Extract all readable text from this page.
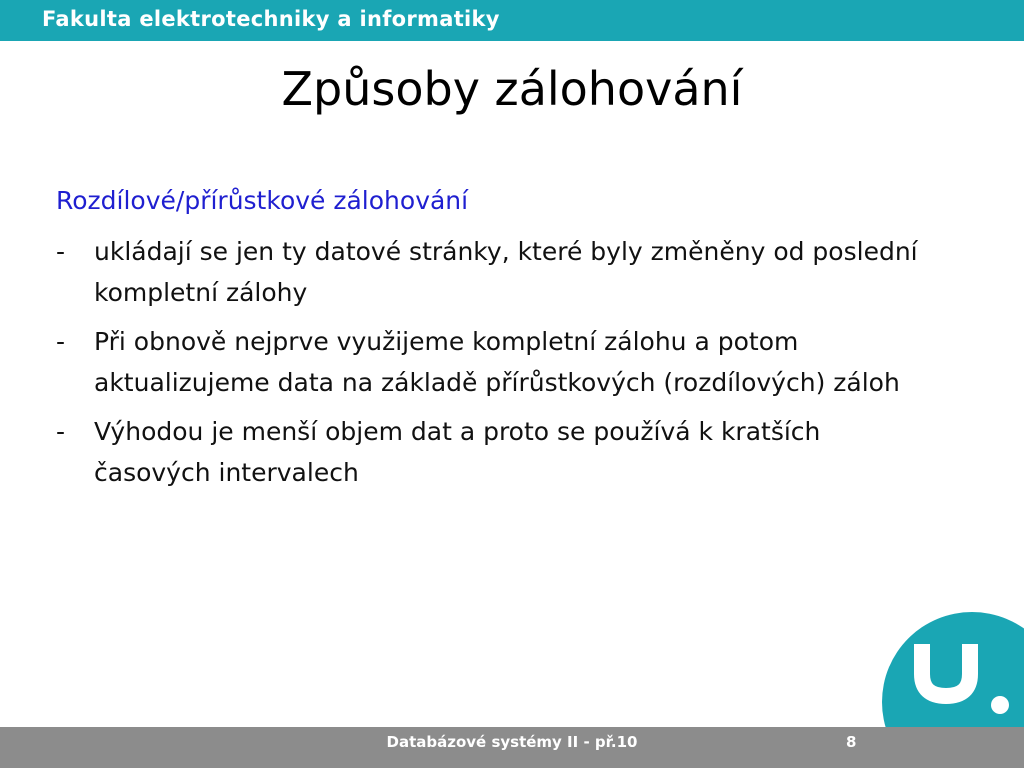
Fakulta elektrotechniky a informatiky
Způsoby zálohování
Rozdílové/přírůstkové zálohování
- ukládají se jen ty datové stránky, které byly změněny od poslední kompletní zálohy
- Při obnově nejprve využijeme kompletní zálohu a potom aktualizujeme data na základě přírůstkových (rozdílových) záloh
- Výhodou je menší objem dat a proto se používá k kratších časových intervalech
Databázové systémy II - př.10	8
